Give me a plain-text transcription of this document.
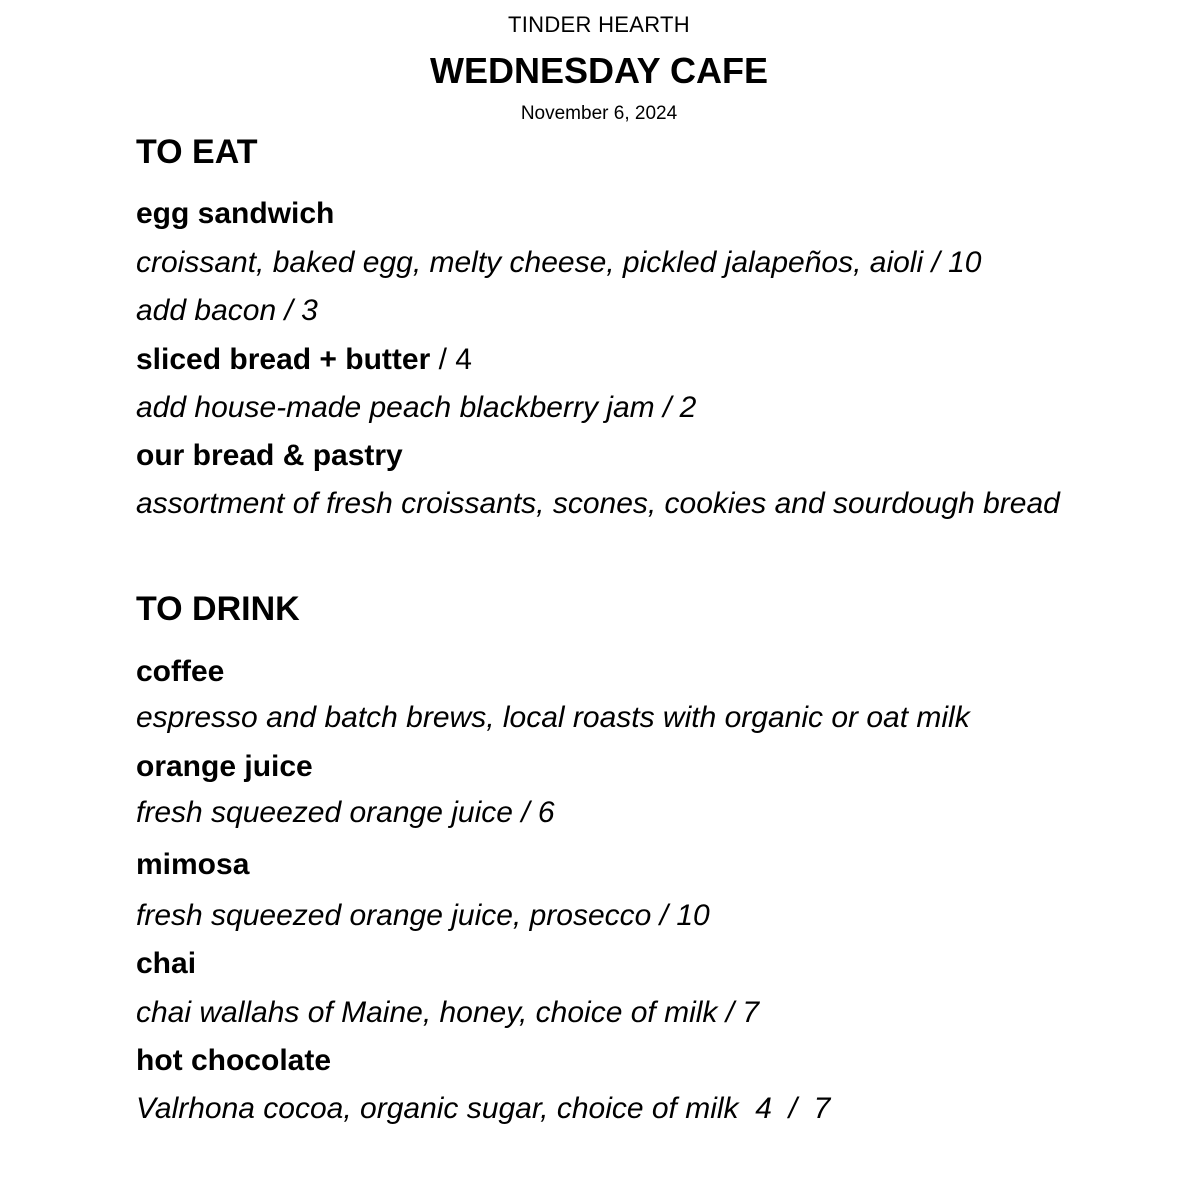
TINDER HEARTH
WEDNESDAY CAFE
November 6, 2024
TO EAT
egg sandwich
croissant, baked egg, melty cheese, pickled jalapeños, aioli / 10
add bacon / 3
sliced bread + butter / 4
add house-made peach blackberry jam / 2
our bread & pastry
assortment of fresh croissants, scones, cookies and sourdough bread
TO DRINK
coffee
espresso and batch brews, local roasts with organic or oat milk
orange juice
fresh squeezed orange juice / 6
mimosa
fresh squeezed orange juice, prosecco / 10
chai
chai wallahs of Maine, honey, choice of milk / 7
hot chocolate
Valrhona cocoa, organic sugar, choice of milk  4  /  7
